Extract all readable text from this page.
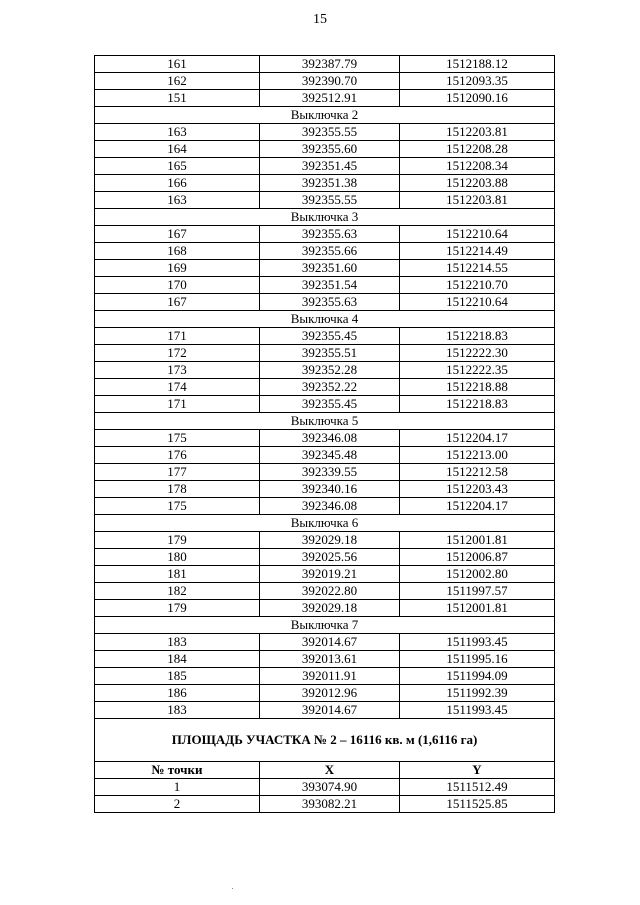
15
161	392387.79	1512188.12
162	392390.70	1512093.35
151	392512.91	1512090.16
Выключка 2		
163	392355.55	1512203.81
164	392355.60	1512208.28
165	392351.45	1512208.34
166	392351.38	1512203.88
163	392355.55	1512203.81
Выключка 3		
167	392355.63	1512210.64
168	392355.66	1512214.49
169	392351.60	1512214.55
170	392351.54	1512210.70
167	392355.63	1512210.64
Выключка 4		
171	392355.45	1512218.83
172	392355.51	1512222.30
173	392352.28	1512222.35
174	392352.22	1512218.88
171	392355.45	1512218.83
Выключка 5		
175	392346.08	1512204.17
176	392345.48	1512213.00
177	392339.55	1512212.58
178	392340.16	1512203.43
175	392346.08	1512204.17
Выключка 6		
179	392029.18	1512001.81
180	392025.56	1512006.87
181	392019.21	1512002.80
182	392022.80	1511997.57
179	392029.18	1512001.81
Выключка 7		
183	392014.67	1511993.45
184	392013.61	1511995.16
185	392011.91	1511994.09
186	392012.96	1511992.39
183	392014.67	1511993.45
ПЛОЩАДЬ УЧАСТКА № 2 – 16116 кв. м (1,6116 га)		
№ точки	X	Y
1	393074.90	1511512.49
2	393082.21	1511525.85
